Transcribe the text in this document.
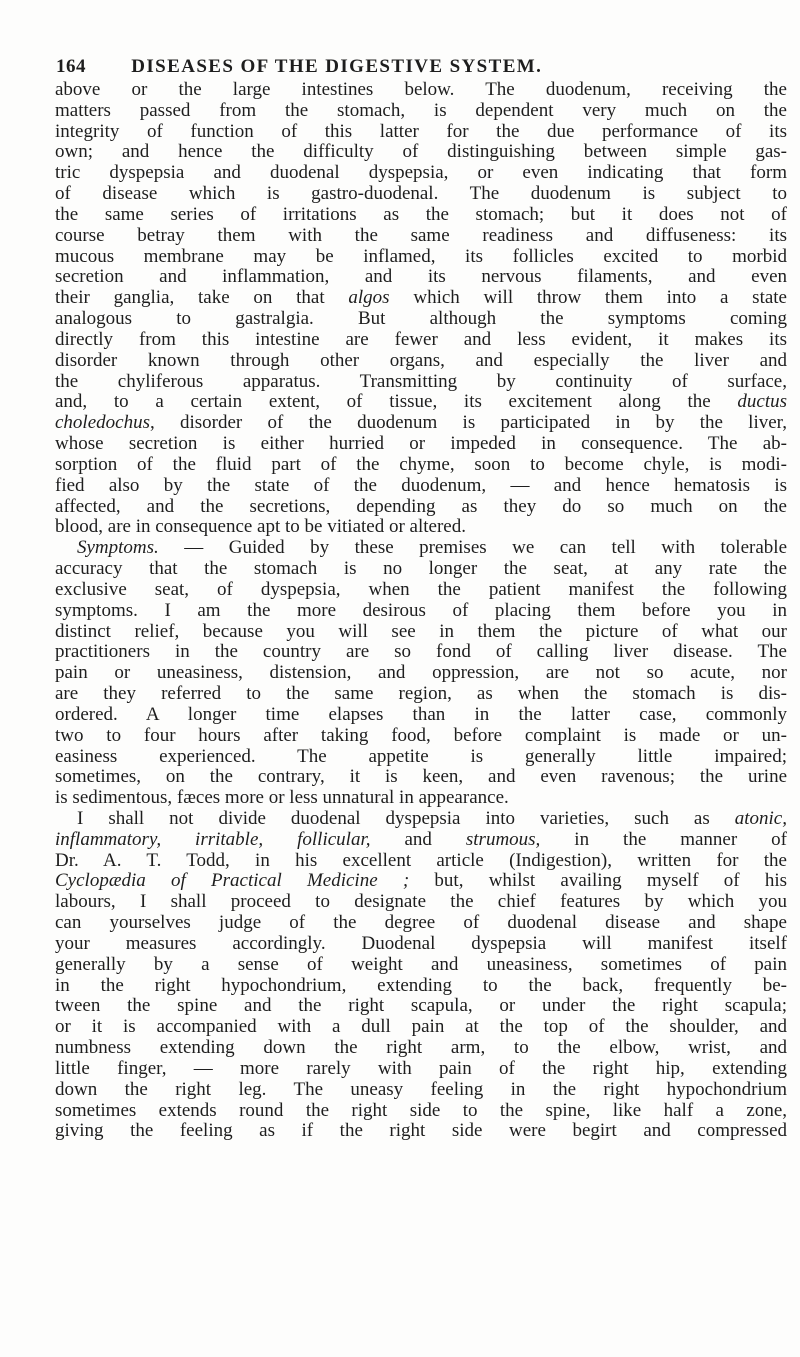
164 DISEASES OF THE DIGESTIVE SYSTEM.
above or the large intestines below. The duodenum, receiving the
matters passed from the stomach, is dependent very much on the
integrity of function of this latter for the due performance of its
own; and hence the difficulty of distinguishing between simple gas-
tric dyspepsia and duodenal dyspepsia, or even indicating that form
of disease which is gastro-duodenal. The duodenum is subject to
the same series of irritations as the stomach; but it does not of
course betray them with the same readiness and diffuseness: its
mucous membrane may be inflamed, its follicles excited to morbid
secretion and inflammation, and its nervous filaments, and even
their ganglia, take on that algos which will throw them into a state
analogous to gastralgia. But although the symptoms coming
directly from this intestine are fewer and less evident, it makes its
disorder known through other organs, and especially the liver and
the chyliferous apparatus. Transmitting by continuity of surface,
and, to a certain extent, of tissue, its excitement along the ductus
choledochus, disorder of the duodenum is participated in by the liver,
whose secretion is either hurried or impeded in consequence. The ab-
sorption of the fluid part of the chyme, soon to become chyle, is modi-
fied also by the state of the duodenum, — and hence hematosis is
affected, and the secretions, depending as they do so much on the
blood, are in consequence apt to be vitiated or altered.
Symptoms. — Guided by these premises we can tell with tolerable
accuracy that the stomach is no longer the seat, at any rate the
exclusive seat, of dyspepsia, when the patient manifest the following
symptoms. I am the more desirous of placing them before you in
distinct relief, because you will see in them the picture of what our
practitioners in the country are so fond of calling liver disease. The
pain or uneasiness, distension, and oppression, are not so acute, nor
are they referred to the same region, as when the stomach is dis-
ordered. A longer time elapses than in the latter case, commonly
two to four hours after taking food, before complaint is made or un-
easiness experienced. The appetite is generally little impaired;
sometimes, on the contrary, it is keen, and even ravenous; the urine
is sedimentous, fæces more or less unnatural in appearance.
I shall not divide duodenal dyspepsia into varieties, such as atonic,
inflammatory, irritable, follicular, and strumous, in the manner of
Dr. A. T. Todd, in his excellent article (Indigestion), written for the
Cyclopædia of Practical Medicine ; but, whilst availing myself of his
labours, I shall proceed to designate the chief features by which you
can yourselves judge of the degree of duodenal disease and shape
your measures accordingly. Duodenal dyspepsia will manifest itself
generally by a sense of weight and uneasiness, sometimes of pain
in the right hypochondrium, extending to the back, frequently be-
tween the spine and the right scapula, or under the right scapula;
or it is accompanied with a dull pain at the top of the shoulder, and
numbness extending down the right arm, to the elbow, wrist, and
little finger, — more rarely with pain of the right hip, extending
down the right leg. The uneasy feeling in the right hypochondrium
sometimes extends round the right side to the spine, like half a zone,
giving the feeling as if the right side were begirt and compressed
